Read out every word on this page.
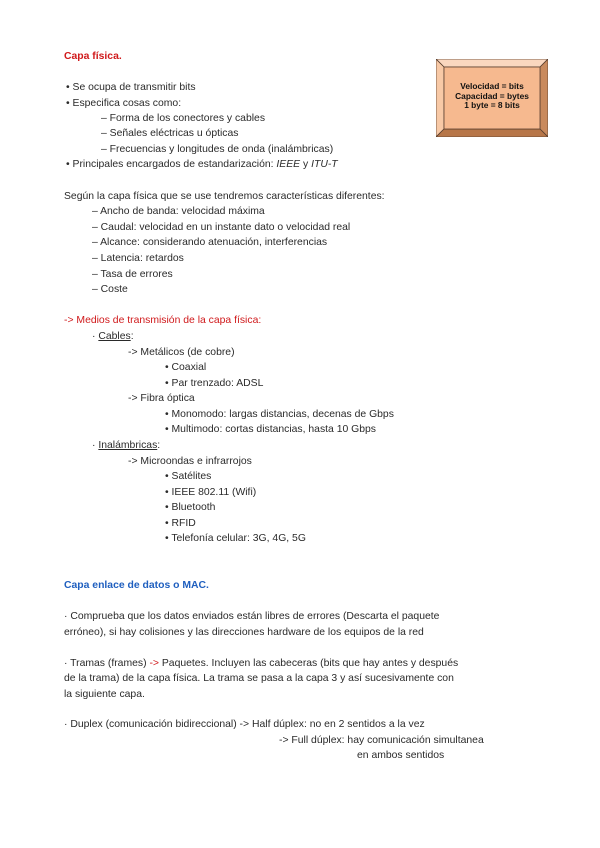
Capa física.
• Se ocupa de transmitir bits
• Especifica cosas como:
– Forma de los conectores y cables
– Señales eléctricas u ópticas
– Frecuencias y longitudes de onda (inalámbricas)
• Principales encargados de estandarización: IEEE y ITU-T
Velocidad = bits
Capacidad = bytes
1 byte = 8 bits
Según la capa física que se use tendremos características diferentes:
– Ancho de banda: velocidad máxima
– Caudal: velocidad en un instante dato o velocidad real
– Alcance: considerando atenuación, interferencias
– Latencia: retardos
– Tasa de errores
– Coste
-> Medios de transmisión de la capa física:
· Cables:
-> Metálicos (de cobre)
• Coaxial
• Par trenzado: ADSL
-> Fibra óptica
• Monomodo: largas distancias, decenas de Gbps
• Multimodo: cortas distancias, hasta 10 Gbps
· Inalámbricas:
-> Microondas e infrarrojos
• Satélites
• IEEE 802.11 (Wifi)
• Bluetooth
• RFID
• Telefonía celular: 3G, 4G, 5G
Capa enlace de datos o MAC.
· Comprueba que los datos enviados están libres de errores (Descarta el paquete
erróneo), si hay colisiones y las direcciones hardware de los equipos de la red
· Tramas (frames) -> Paquetes. Incluyen las cabeceras (bits que hay antes y después
de la trama) de la capa física. La trama se pasa a la capa 3 y así sucesivamente con
la siguiente capa.
· Duplex (comunicación bidireccional) -> Half dúplex: no en 2 sentidos a la vez
-> Full dúplex: hay comunicación simultanea
en ambos sentidos
